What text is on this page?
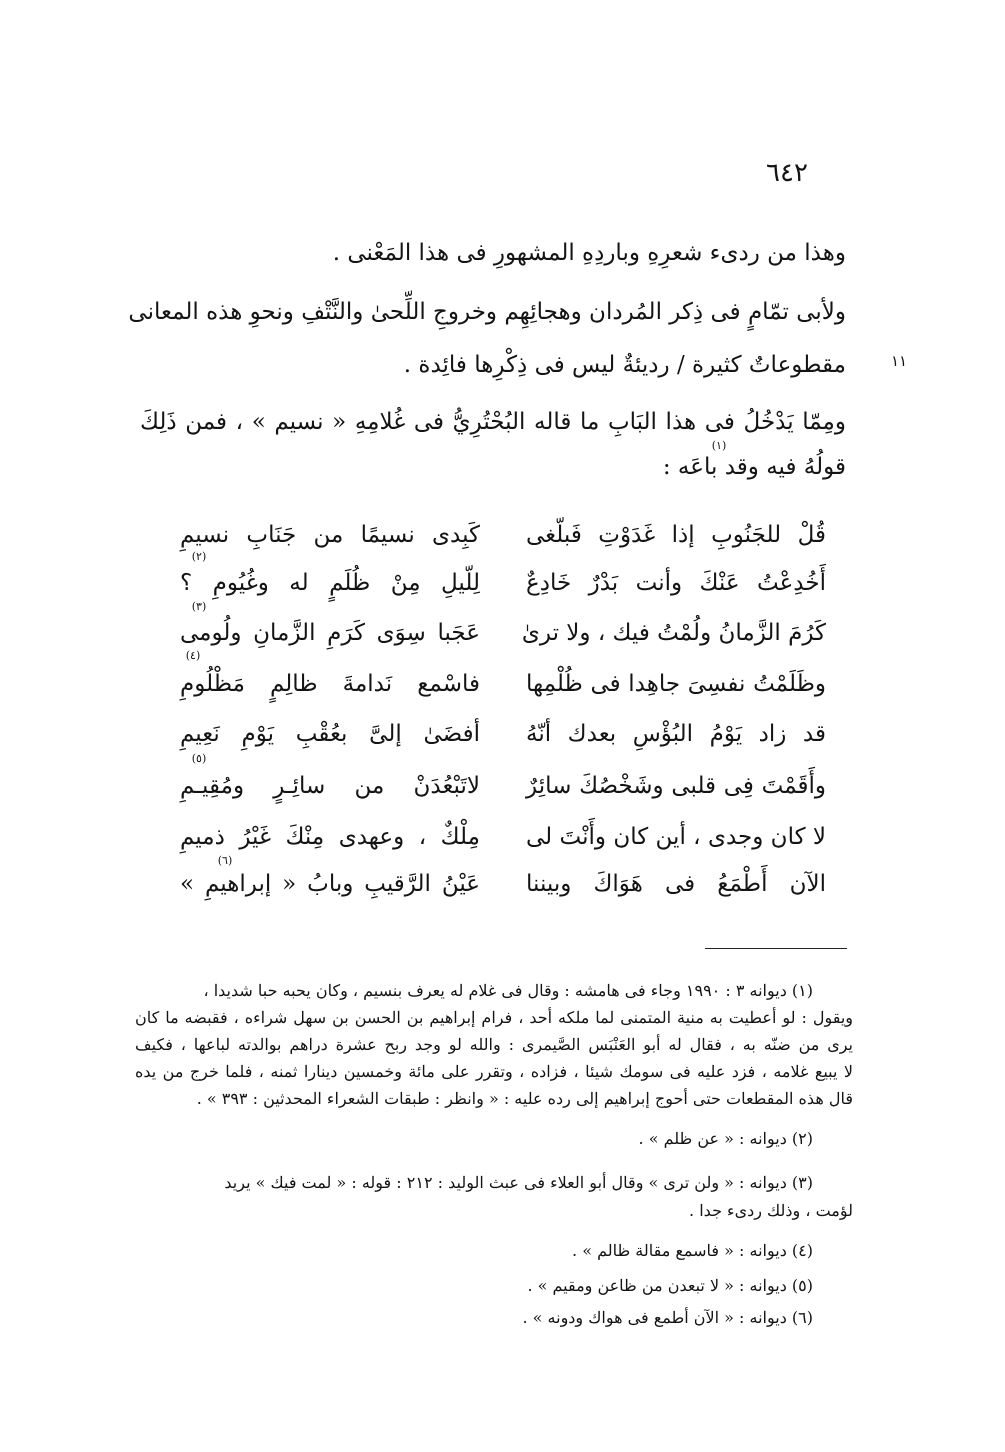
٦٤٢
١١
وهذا من ردىء شعرِهِ وباردِهِ المشهورِ فى هذا المَعْنى .
ولأبى تمّامٍ فى ذِكر المُردان وهجائِهِم وخروجِ اللِّحىٰ والنَّتْفِ ونحوِ هذه المعانى
مقطوعاتٌ كثيرة / رديئةٌ ليس فى ذِكْرِها فائِدة .
ومِمّا يَدْخُلُ فى هذا البَابِ ما قاله البُحْتُرِيُّ فى غُلامِهِ « نسيم » ، فمن ذَلِكَ
قولُهُ فيه وقد باعَه :
(١)
قُلْ للجَنُوبِ إذا غَدَوْتِ فَبلّغى
كَبِدى نسيمًا من جَنَابِ نسيمِ
(٢)
أَخُدِعْتُ عَنْكَ وأنت بَدْرٌ خَادِعٌ
لِلّيلِ مِنْ ظُلَمٍ له وغُيُومِ ؟
(٣)
كَرُمَ الزَّمانُ ولُمْتُ فيك ، ولا ترىٰ
عَجَبا سِوَى كَرَمِ الزَّمانِ ولُومى
(٤)
وظَلَمْتُ نفسِىَ جاهِدا فى ظُلْمِها
فاسْمع نَدامةَ ظالِمٍ مَظْلُومِ
قد زاد يَوْمُ البُؤْسِ بعدك أنّهُ
أفضَىٰ إلىَّ بعُقْبِ يَوْمِ نَعِيمِ
(٥)
وأَقَمْتَ فِى قلبى وشَخْصُكَ سائِرٌ
لاتَبْعُدَنْ من سائِـرٍ ومُقِيـمِ
لا كان وجدى ، أين كان وأَنْتَ لى
مِلْكٌ ، وعهدى مِنْكَ غَيْرُ ذميمِ
(٦)
الآن أَطْمَعُ فى هَوَاكَ وبيننا
عَيْنُ الرَّقيبِ وبابُ « إبراهيمِ »
(١) ديوانه ٣ : ١٩٩٠ وجاء فى هامشه : وقال فى غلام له يعرف بنسيم ، وكان يحبه حبا شديدا ،
ويقول : لو أعطيت به منية المتمنى لما ملكه أحد ، فرام إبراهيم بن الحسن بن سهل شراءه ، فقبضه ما كان
يرى من ضنّه به ، فقال له أبو العَنْبَس الصَّيمرى : والله لو وجد ربح عشرة دراهم بوالدته لباعها ، فكيف
لا يبيع غلامه ، فزد عليه فى سومك شيئا ، فزاده ، وتقرر على مائة وخمسين دينارا ثمنه ، فلما خرج من يده
قال هذه المقطعات حتى أحوج إبراهيم إلى رده عليه : « وانظر : طبقات الشعراء المحدثين : ٣٩٣ » .
(٢) ديوانه : « عن ظلم » .
(٣) ديوانه : « ولن ترى » وقال أبو العلاء فى عبث الوليد : ٢١٢ : قوله : « لمت فيك » يريد
لؤمت ، وذلك ردىء جدا .
(٤) ديوانه : « فاسمع مقالة ظالم » .
(٥) ديوانه : « لا تبعدن من ظاعن ومقيم » .
(٦) ديوانه : « الآن أطمع فى هواك ودونه » .
